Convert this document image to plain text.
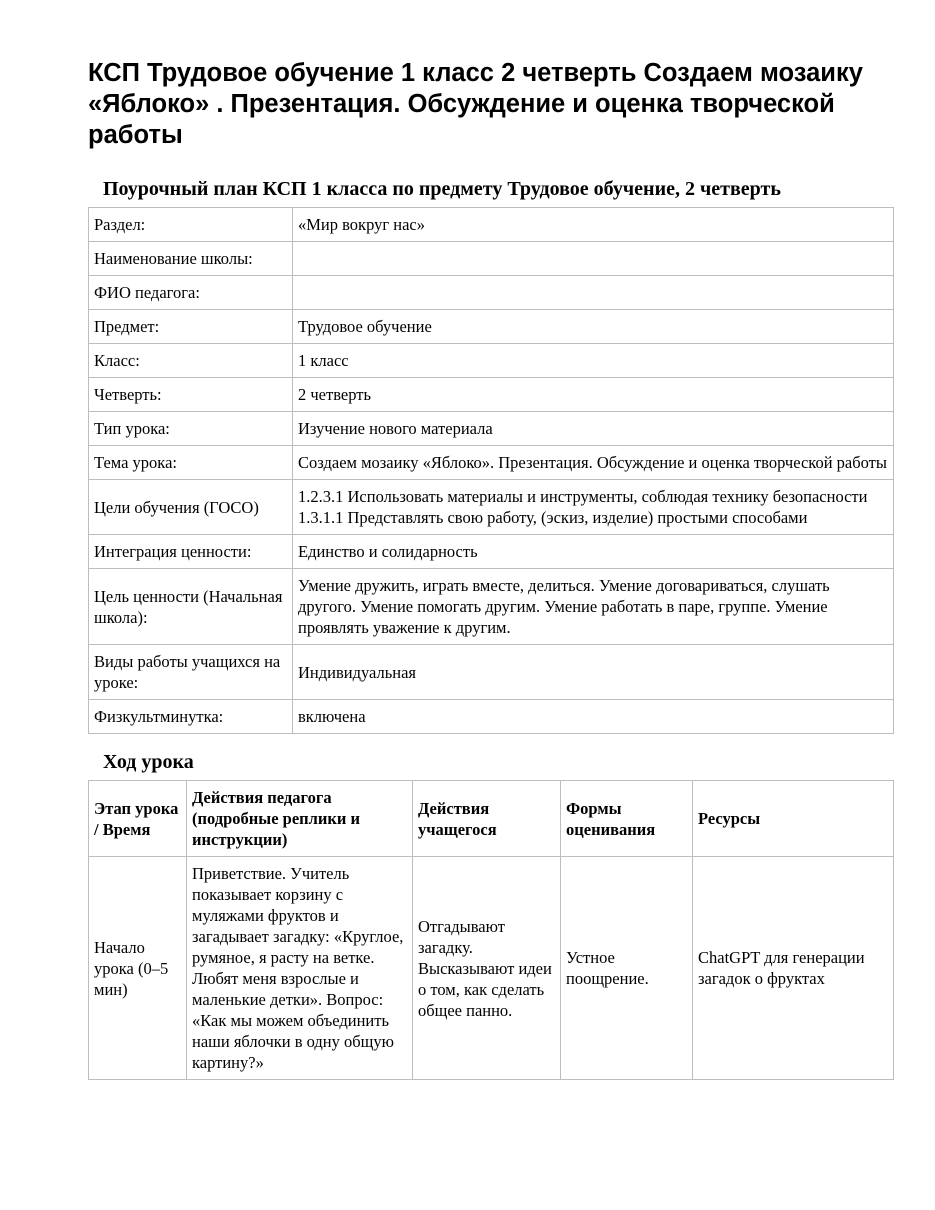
КСП Трудовое обучение 1 класс 2 четверть Создаем мозаику «Яблоко» . Презентация. Обсуждение и оценка творческой работы
Поурочный план КСП 1 класса по предмету Трудовое обучение, 2 четверть
Раздел:	«Мир вокруг нас»
Наименование школы:	
ФИО педагога:	
Предмет:	Трудовое обучение
Класс:	1 класс
Четверть:	2 четверть
Тип урока:	Изучение нового материала
Тема урока:	Создаем мозаику «Яблоко». Презентация. Обсуждение и оценка творческой работы
Цели обучения (ГОСО)	1.2.3.1 Использовать материалы и инструменты, соблюдая технику безопасности 1.3.1.1 Представлять свою работу, (эскиз, изделие) простыми способами
Интеграция ценности:	Единство и солидарность
Цель ценности (Начальная школа):	Умение дружить, играть вместе, делиться. Умение договариваться, слушать другого. Умение помогать другим. Умение работать в паре, группе. Умение проявлять уважение к другим.
Виды работы учащихся на уроке:	Индивидуальная
Физкультминутка:	включена
Ход урока
Этап урока / Время	Действия педагога (подробные реплики и инструкции)	Действия учащегося	Формы оценивания	Ресурсы
Начало урока (0–5 мин)	Приветствие. Учитель показывает корзину с муляжами фруктов и загадывает загадку: «Круглое, румяное, я расту на ветке. Любят меня взрослые и маленькие детки». Вопрос: «Как мы можем объединить наши яблочки в одну общую картину?»	Отгадывают загадку. Высказывают идеи о том, как сделать общее панно.	Устное поощрение.	ChatGPT для генерации загадок о фруктах
